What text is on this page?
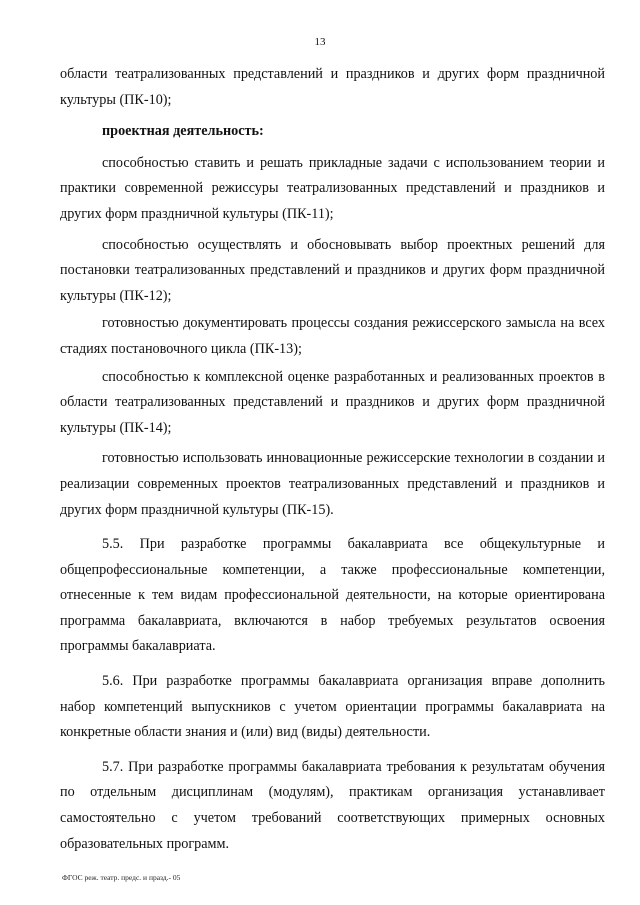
13

области театрализованных представлений и праздников и других форм праздничной культуры (ПК-10);

проектная деятельность:

способностью ставить и решать прикладные задачи с использованием теории и практики современной режиссуры театрализованных представлений и праздников и других форм праздничной культуры (ПК-11);

способностью осуществлять и обосновывать выбор проектных решений для постановки театрализованных представлений и праздников и других форм праздничной культуры (ПК-12);

готовностью документировать процессы создания режиссерского замысла на всех стадиях постановочного цикла (ПК-13);

способностью к комплексной оценке разработанных и реализованных проектов в области театрализованных представлений и праздников и других форм праздничной культуры (ПК-14);

готовностью использовать инновационные режиссерские технологии в создании и реализации современных проектов театрализованных представлений и праздников и других форм праздничной культуры (ПК-15).

5.5. При разработке программы бакалавриата все общекультурные и общепрофессиональные компетенции, а также профессиональные компетенции, отнесенные к тем видам профессиональной деятельности, на которые ориентирована программа бакалавриата, включаются в набор требуемых результатов освоения программы бакалавриата.

5.6. При разработке программы бакалавриата организация вправе дополнить набор компетенций выпускников с учетом ориентации программы бакалавриата на конкретные области знания и (или) вид (виды) деятельности.

5.7. При разработке программы бакалавриата требования к результатам обучения по отдельным дисциплинам (модулям), практикам организация устанавливает самостоятельно с учетом требований соответствующих примерных основных образовательных программ.

ФГОС реж. театр. предс. и празд.- 05
